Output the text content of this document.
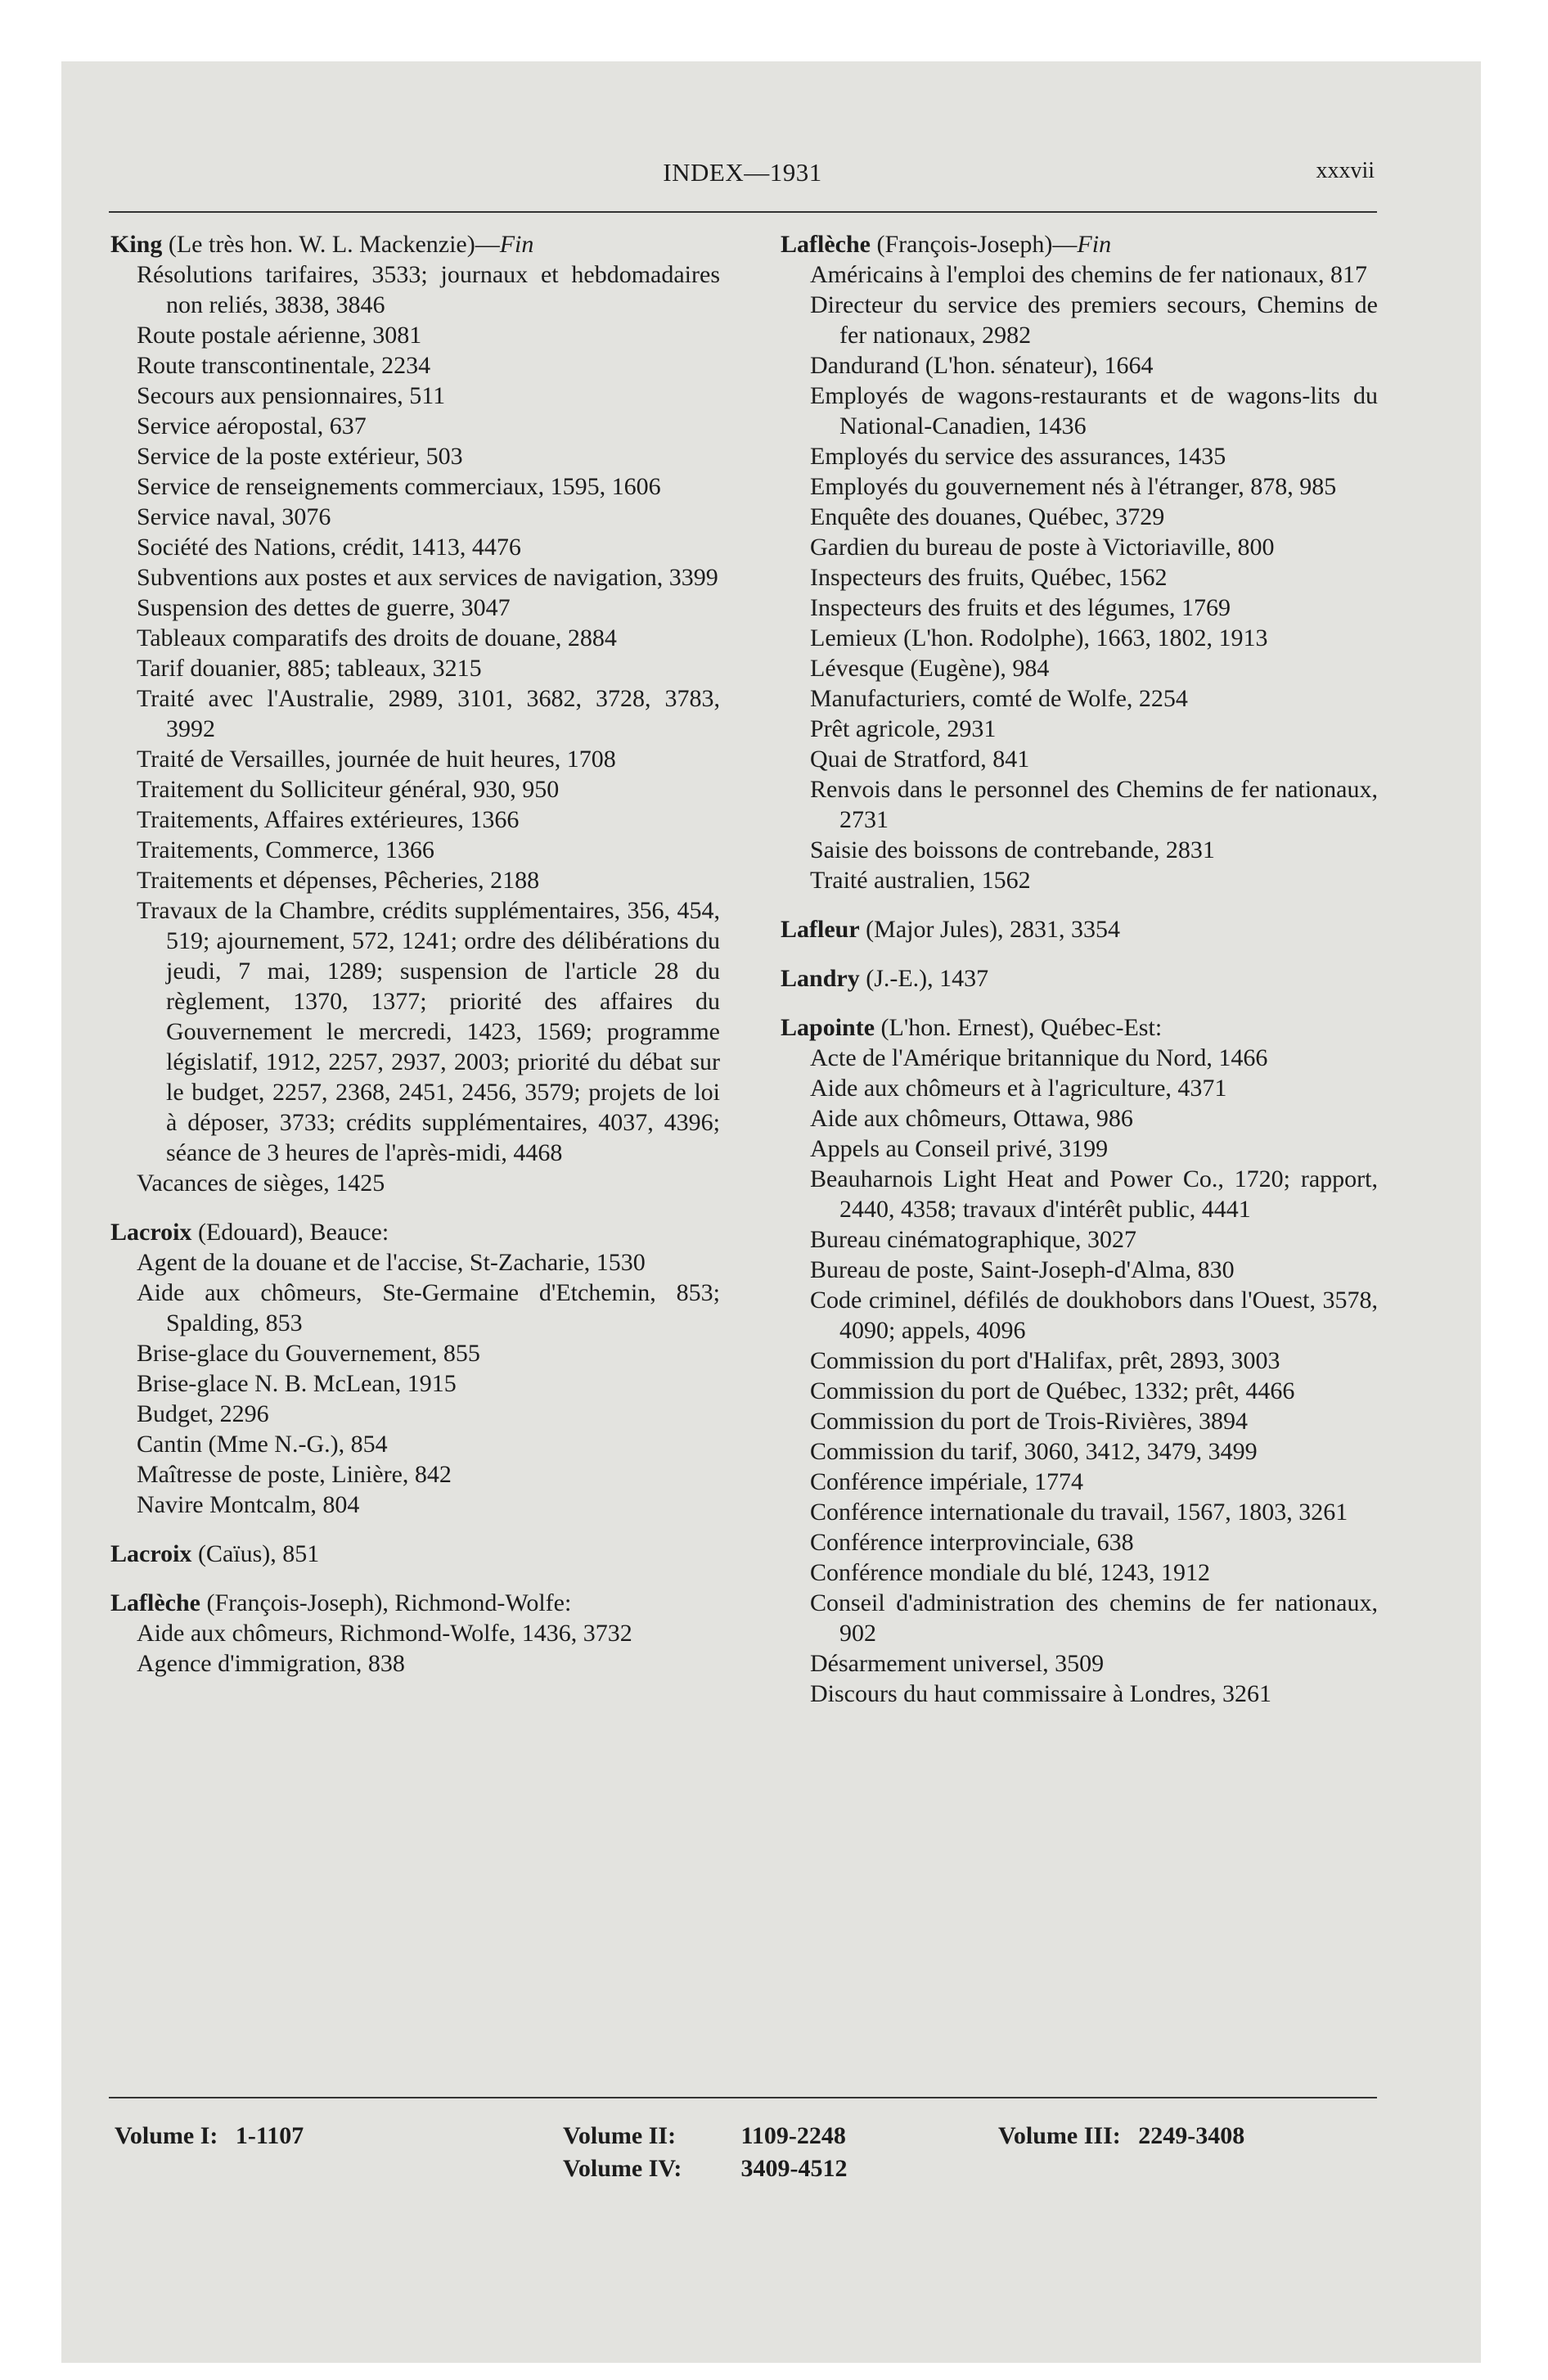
INDEX—1931	xxxvii
King (Le très hon. W. L. Mackenzie)—Fin
Résolutions tarifaires, 3533; journaux et hebdomadaires non reliés, 3838, 3846
Route postale aérienne, 3081
Route transcontinentale, 2234
Secours aux pensionnaires, 511
Service aéropostal, 637
Service de la poste extérieur, 503
Service de renseignements commerciaux, 1595, 1606
Service naval, 3076
Société des Nations, crédit, 1413, 4476
Subventions aux postes et aux services de navigation, 3399
Suspension des dettes de guerre, 3047
Tableaux comparatifs des droits de douane, 2884
Tarif douanier, 885; tableaux, 3215
Traité avec l'Australie, 2989, 3101, 3682, 3728, 3783, 3992
Traité de Versailles, journée de huit heures, 1708
Traitement du Solliciteur général, 930, 950
Traitements, Affaires extérieures, 1366
Traitements, Commerce, 1366
Traitements et dépenses, Pêcheries, 2188
Travaux de la Chambre, crédits supplémentaires, 356, 454, 519; ajournement, 572, 1241; ordre des délibérations du jeudi, 7 mai, 1289; suspension de l'article 28 du règlement, 1370, 1377; priorité des affaires du Gouvernement le mercredi, 1423, 1569; programme législatif, 1912, 2257, 2937, 2003; priorité du débat sur le budget, 2257, 2368, 2451, 2456, 3579; projets de loi à déposer, 3733; crédits supplémentaires, 4037, 4396; séance de 3 heures de l'après-midi, 4468
Vacances de sièges, 1425
Lacroix (Edouard), Beauce:
Agent de la douane et de l'accise, St-Zacharie, 1530
Aide aux chômeurs, Ste-Germaine d'Etchemin, 853; Spalding, 853
Brise-glace du Gouvernement, 855
Brise-glace N. B. McLean, 1915
Budget, 2296
Cantin (Mme N.-G.), 854
Maîtresse de poste, Linière, 842
Navire Montcalm, 804
Lacroix (Caïus), 851
Laflèche (François-Joseph), Richmond-Wolfe:
Aide aux chômeurs, Richmond-Wolfe, 1436, 3732
Agence d'immigration, 838
Laflèche (François-Joseph)—Fin
Américains à l'emploi des chemins de fer nationaux, 817
Directeur du service des premiers secours, Chemins de fer nationaux, 2982
Dandurand (L'hon. sénateur), 1664
Employés de wagons-restaurants et de wagons-lits du National-Canadien, 1436
Employés du service des assurances, 1435
Employés du gouvernement nés à l'étranger, 878, 985
Enquête des douanes, Québec, 3729
Gardien du bureau de poste à Victoriaville, 800
Inspecteurs des fruits, Québec, 1562
Inspecteurs des fruits et des légumes, 1769
Lemieux (L'hon. Rodolphe), 1663, 1802, 1913
Lévesque (Eugène), 984
Manufacturiers, comté de Wolfe, 2254
Prêt agricole, 2931
Quai de Stratford, 841
Renvois dans le personnel des Chemins de fer nationaux, 2731
Saisie des boissons de contrebande, 2831
Traité australien, 1562
Lafleur (Major Jules), 2831, 3354
Landry (J.-E.), 1437
Lapointe (L'hon. Ernest), Québec-Est:
Acte de l'Amérique britannique du Nord, 1466
Aide aux chômeurs et à l'agriculture, 4371
Aide aux chômeurs, Ottawa, 986
Appels au Conseil privé, 3199
Beauharnois Light Heat and Power Co., 1720; rapport, 2440, 4358; travaux d'intérêt public, 4441
Bureau cinématographique, 3027
Bureau de poste, Saint-Joseph-d'Alma, 830
Code criminel, défilés de doukhobors dans l'Ouest, 3578, 4090; appels, 4096
Commission du port d'Halifax, prêt, 2893, 3003
Commission du port de Québec, 1332; prêt, 4466
Commission du port de Trois-Rivières, 3894
Commission du tarif, 3060, 3412, 3479, 3499
Conférence impériale, 1774
Conférence internationale du travail, 1567, 1803, 3261
Conférence interprovinciale, 638
Conférence mondiale du blé, 1243, 1912
Conseil d'administration des chemins de fer nationaux, 902
Désarmement universel, 3509
Discours du haut commissaire à Londres, 3261
Volume I: 1-1107	Volume II:	1109-2248
Volume IV: 3409-4512
Volume III: 2249-3408
